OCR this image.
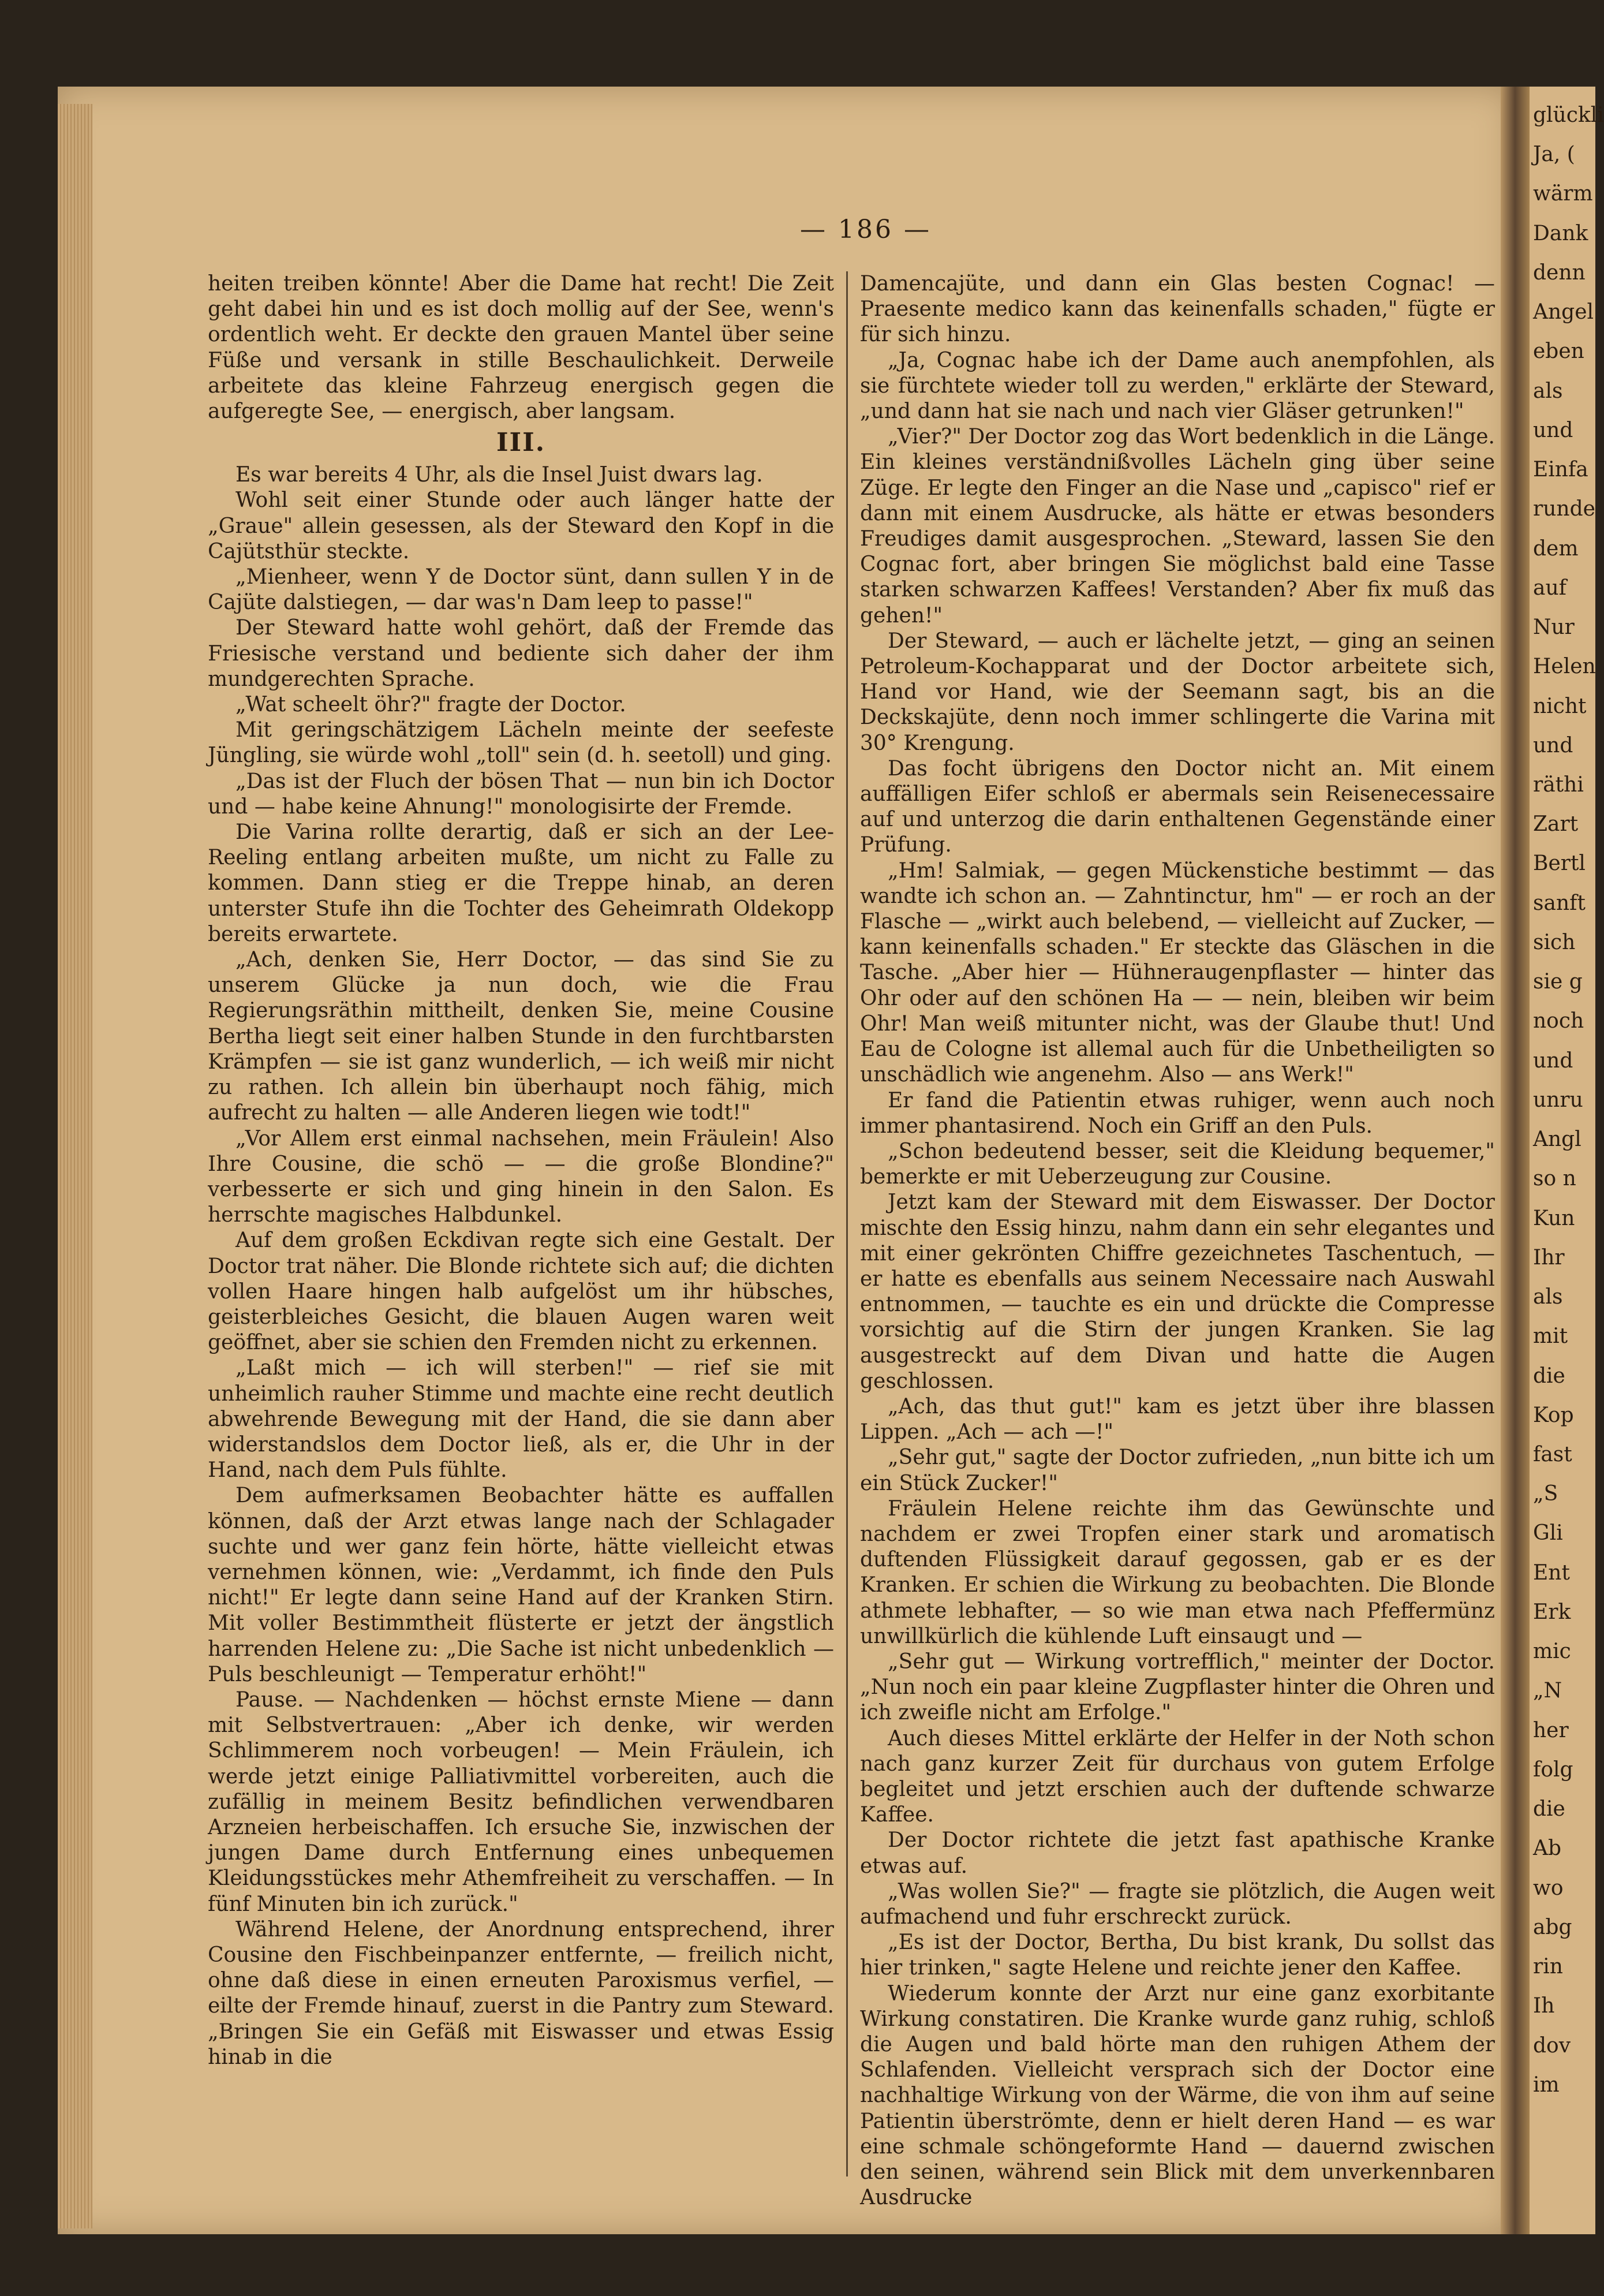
— 186 —

heiten treiben könnte! Aber die Dame hat recht! Die Zeit geht dabei hin und es ist doch mollig auf der See, wenn's ordentlich weht. Er deckte den grauen Mantel über seine Füße und versank in stille Beschaulichkeit. Derweile arbeitete das kleine Fahrzeug energisch gegen die aufgeregte See, — energisch, aber langsam.

III.

Es war bereits 4 Uhr, als die Insel Juist dwars lag.

Wohl seit einer Stunde oder auch länger hatte der „Graue" allein gesessen, als der Steward den Kopf in die Cajütsthür steckte.

„Mienheer, wenn Y de Doctor sünt, dann sullen Y in de Cajüte dalstiegen, — dar was'n Dam leep to passe!"

Der Steward hatte wohl gehört, daß der Fremde das Friesische verstand und bediente sich daher der ihm mundgerechten Sprache.

„Wat scheelt öhr?" fragte der Doctor.

Mit geringschätzigem Lächeln meinte der seefeste Jüngling, sie würde wohl „toll" sein (d. h. seetoll) und ging.

„Das ist der Fluch der bösen That — nun bin ich Doctor und — habe keine Ahnung!" monologisirte der Fremde.

Die Varina rollte derartig, daß er sich an der Lee-Reeling entlang arbeiten mußte, um nicht zu Falle zu kommen. Dann stieg er die Treppe hinab, an deren unterster Stufe ihn die Tochter des Geheimrath Oldekopp bereits erwartete.

„Ach, denken Sie, Herr Doctor, — das sind Sie zu unserem Glücke ja nun doch, wie die Frau Regierungsräthin mittheilt, denken Sie, meine Cousine Bertha liegt seit einer halben Stunde in den furchtbarsten Krämpfen — sie ist ganz wunderlich, — ich weiß mir nicht zu rathen. Ich allein bin überhaupt noch fähig, mich aufrecht zu halten — alle Anderen liegen wie todt!"

„Vor Allem erst einmal nachsehen, mein Fräulein! Also Ihre Cousine, die schö — — die große Blondine?" verbesserte er sich und ging hinein in den Salon. Es herrschte magisches Halbdunkel.

Auf dem großen Eckdivan regte sich eine Gestalt. Der Doctor trat näher. Die Blonde richtete sich auf; die dichten vollen Haare hingen halb aufgelöst um ihr hübsches, geisterbleiches Gesicht, die blauen Augen waren weit geöffnet, aber sie schien den Fremden nicht zu erkennen.

„Laßt mich — ich will sterben!" — rief sie mit unheimlich rauher Stimme und machte eine recht deutlich abwehrende Bewegung mit der Hand, die sie dann aber widerstandslos dem Doctor ließ, als er, die Uhr in der Hand, nach dem Puls fühlte.

Dem aufmerksamen Beobachter hätte es auffallen können, daß der Arzt etwas lange nach der Schlagader suchte und wer ganz fein hörte, hätte vielleicht etwas vernehmen können, wie: „Verdammt, ich finde den Puls nicht!" Er legte dann seine Hand auf der Kranken Stirn. Mit voller Bestimmtheit flüsterte er jetzt der ängstlich harrenden Helene zu: „Die Sache ist nicht unbedenklich — Puls beschleunigt — Temperatur erhöht!"

Pause. — Nachdenken — höchst ernste Miene — dann mit Selbstvertrauen: „Aber ich denke, wir werden Schlimmerem noch vorbeugen! — Mein Fräulein, ich werde jetzt einige Palliativmittel vorbereiten, auch die zufällig in meinem Besitz befindlichen verwendbaren Arzneien herbeischaffen. Ich ersuche Sie, inzwischen der jungen Dame durch Entfernung eines unbequemen Kleidungsstückes mehr Athemfreiheit zu verschaffen. — In fünf Minuten bin ich zurück."

Während Helene, der Anordnung entsprechend, ihrer Cousine den Fischbeinpanzer entfernte, — freilich nicht, ohne daß diese in einen erneuten Paroxismus verfiel, — eilte der Fremde hinauf, zuerst in die Pantry zum Steward. „Bringen Sie ein Gefäß mit Eiswasser und etwas Essig hinab in die

Damencajüte, und dann ein Glas besten Cognac! — Praesente medico kann das keinenfalls schaden," fügte er für sich hinzu.

„Ja, Cognac habe ich der Dame auch anempfohlen, als sie fürchtete wieder toll zu werden," erklärte der Steward, „und dann hat sie nach und nach vier Gläser getrunken!"

„Vier?" Der Doctor zog das Wort bedenklich in die Länge. Ein kleines verständnißvolles Lächeln ging über seine Züge. Er legte den Finger an die Nase und „capisco" rief er dann mit einem Ausdrucke, als hätte er etwas besonders Freudiges damit ausgesprochen. „Steward, lassen Sie den Cognac fort, aber bringen Sie möglichst bald eine Tasse starken schwarzen Kaffees! Verstanden? Aber fix muß das gehen!"

Der Steward, — auch er lächelte jetzt, — ging an seinen Petroleum-Kochapparat und der Doctor arbeitete sich, Hand vor Hand, wie der Seemann sagt, bis an die Deckskajüte, denn noch immer schlingerte die Varina mit 30° Krengung.

Das focht übrigens den Doctor nicht an. Mit einem auffälligen Eifer schloß er abermals sein Reisenecessaire auf und unterzog die darin enthaltenen Gegenstände einer Prüfung.

„Hm! Salmiak, — gegen Mückenstiche bestimmt — das wandte ich schon an. — Zahntinctur, hm" — er roch an der Flasche — „wirkt auch belebend, — vielleicht auf Zucker, — kann keinenfalls schaden." Er steckte das Gläschen in die Tasche. „Aber hier — Hühneraugenpflaster — hinter das Ohr oder auf den schönen Ha — — nein, bleiben wir beim Ohr! Man weiß mitunter nicht, was der Glaube thut! Und Eau de Cologne ist allemal auch für die Unbetheiligten so unschädlich wie angenehm. Also — ans Werk!"

Er fand die Patientin etwas ruhiger, wenn auch noch immer phantasirend. Noch ein Griff an den Puls.

„Schon bedeutend besser, seit die Kleidung bequemer," bemerkte er mit Ueberzeugung zur Cousine.

Jetzt kam der Steward mit dem Eiswasser. Der Doctor mischte den Essig hinzu, nahm dann ein sehr elegantes und mit einer gekrönten Chiffre gezeichnetes Taschentuch, — er hatte es ebenfalls aus seinem Necessaire nach Auswahl entnommen, — tauchte es ein und drückte die Compresse vorsichtig auf die Stirn der jungen Kranken. Sie lag ausgestreckt auf dem Divan und hatte die Augen geschlossen.

„Ach, das thut gut!" kam es jetzt über ihre blassen Lippen. „Ach — ach —!"

„Sehr gut," sagte der Doctor zufrieden, „nun bitte ich um ein Stück Zucker!"

Fräulein Helene reichte ihm das Gewünschte und nachdem er zwei Tropfen einer stark und aromatisch duftenden Flüssigkeit darauf gegossen, gab er es der Kranken. Er schien die Wirkung zu beobachten. Die Blonde athmete lebhafter, — so wie man etwa nach Pfeffermünz unwillkürlich die kühlende Luft einsaugt und —

„Sehr gut — Wirkung vortrefflich," meinter der Doctor. „Nun noch ein paar kleine Zugpflaster hinter die Ohren und ich zweifle nicht am Erfolge."

Auch dieses Mittel erklärte der Helfer in der Noth schon nach ganz kurzer Zeit für durchaus von gutem Erfolge begleitet und jetzt erschien auch der duftende schwarze Kaffee.

Der Doctor richtete die jetzt fast apathische Kranke etwas auf.

„Was wollen Sie?" — fragte sie plötzlich, die Augen weit aufmachend und fuhr erschreckt zurück.

„Es ist der Doctor, Bertha, Du bist krank, Du sollst das hier trinken," sagte Helene und reichte jener den Kaffee.

Wiederum konnte der Arzt nur eine ganz exorbitante Wirkung constatiren. Die Kranke wurde ganz ruhig, schloß die Augen und bald hörte man den ruhigen Athem der Schlafenden. Vielleicht versprach sich der Doctor eine nachhaltige Wirkung von der Wärme, die von ihm auf seine Patientin überströmte, denn er hielt deren Hand — es war eine schmale schöngeformte Hand — dauernd zwischen den seinen, während sein Blick mit dem unverkennbaren Ausdrucke

glückli
Ja, (
wärm
Dank
denn
Angel
eben
als
und
Einfa
runde
dem
auf
Nur
Helen
nicht
und
räthi
Zart
Bertl
sanft
sich
sie g
noch
und
unru
Angl
so n
Kun
Ihr
als
mit
die
Kop
fast
„S
Gli
Ent
Erk
mic
„N
her
folg
die
Ab
wo
abg
rin
Ih
dov
im
